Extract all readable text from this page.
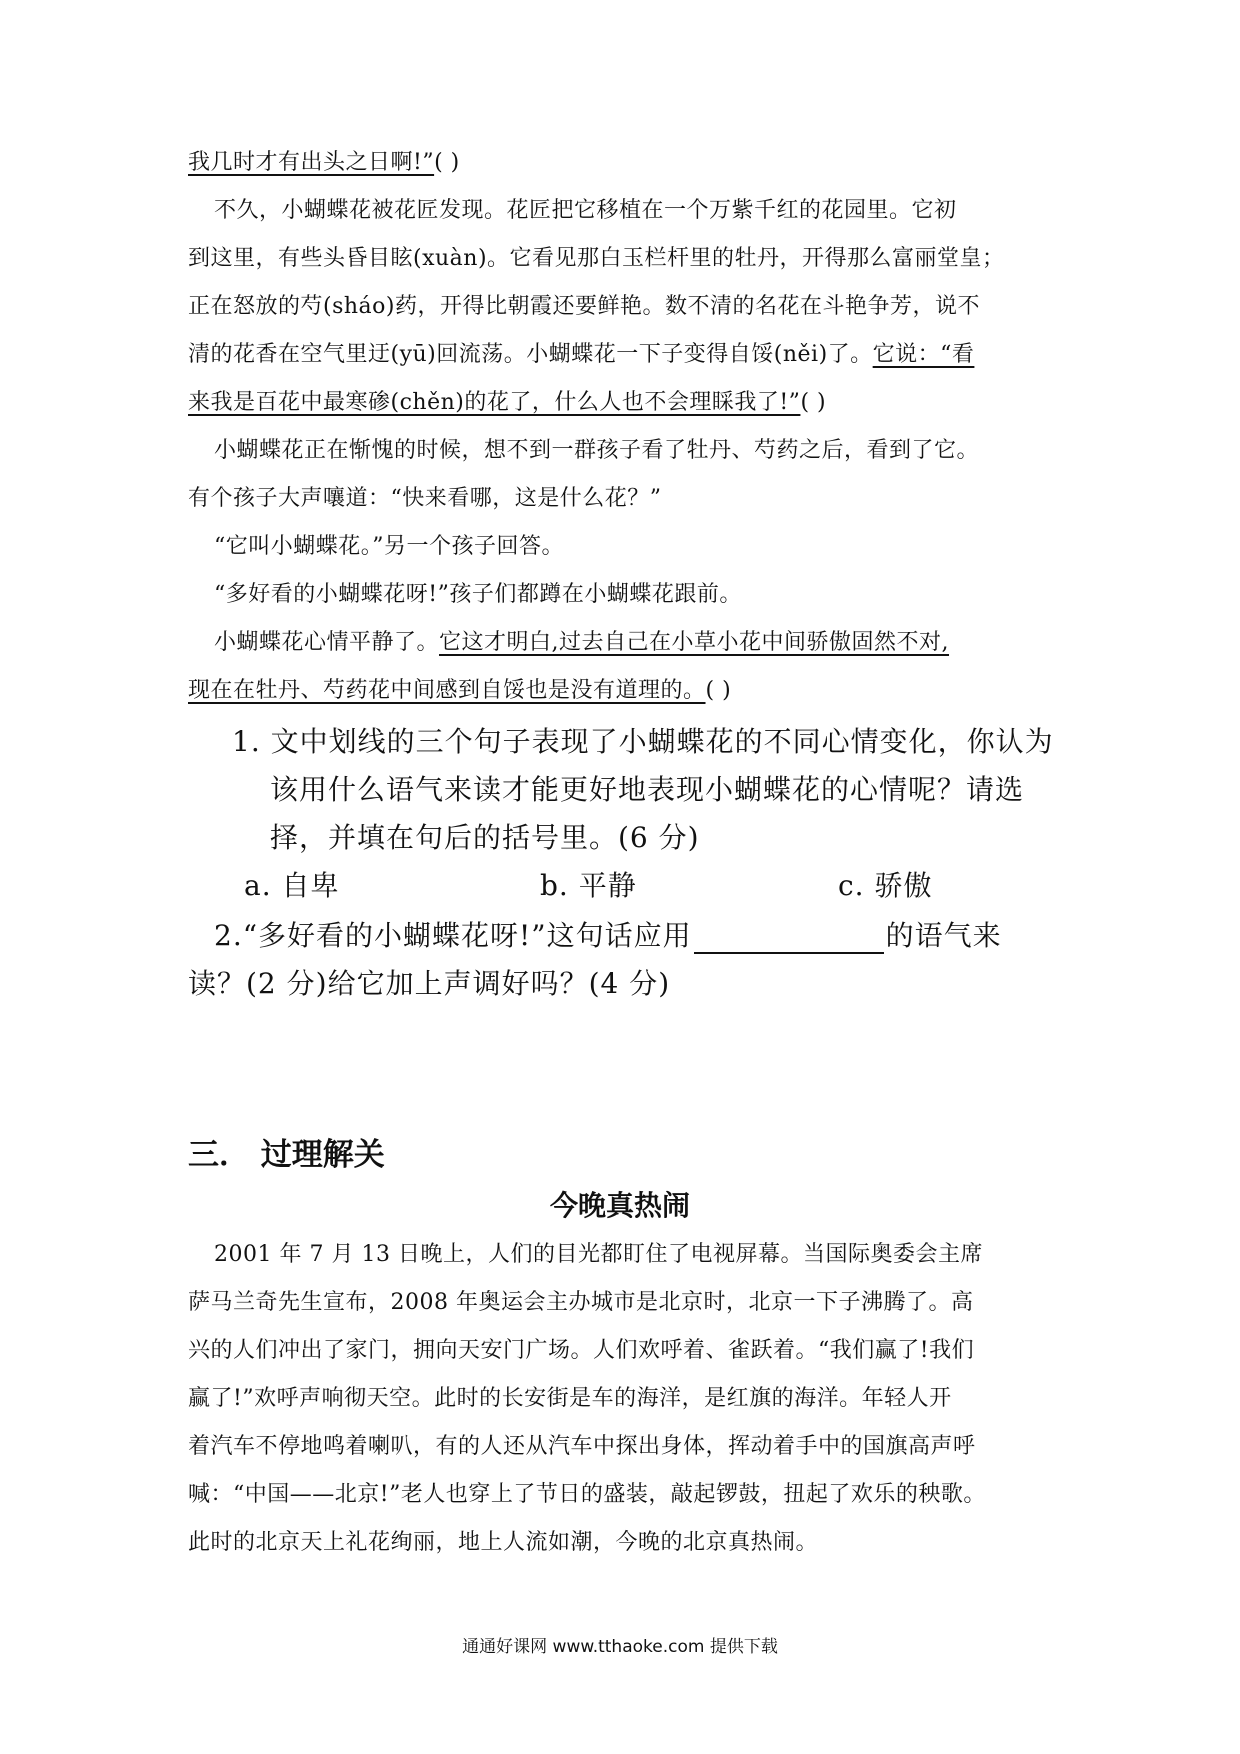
我几时才有出头之日啊!”( )
不久，小蝴蝶花被花匠发现。花匠把它移植在一个万紫千红的花园里。它初
到这里，有些头昏目眩(xuàn)。它看见那白玉栏杆里的牡丹，开得那么富丽堂皇；
正在怒放的芍(sháo)药，开得比朝霞还要鲜艳。数不清的名花在斗艳争芳，说不
清的花香在空气里迂(yū)回流荡。小蝴蝶花一下子变得自馁(něi)了。它说：“看
来我是百花中最寒碜(chěn)的花了，什么人也不会理睬我了!”( )
小蝴蝶花正在惭愧的时候，想不到一群孩子看了牡丹、芍药之后，看到了它。
有个孩子大声嚷道：“快来看哪，这是什么花？”
“它叫小蝴蝶花。”另一个孩子回答。
“多好看的小蝴蝶花呀!”孩子们都蹲在小蝴蝶花跟前。
小蝴蝶花心情平静了。它这才明白,过去自己在小草小花中间骄傲固然不对,
现在在牡丹、芍药花中间感到自馁也是没有道理的。( )
1. 文中划线的三个句子表现了小蝴蝶花的不同心情变化，你认为
该用什么语气来读才能更好地表现小蝴蝶花的心情呢？请选
择，并填在句后的括号里。(6 分)
a. 自卑	b. 平静	c. 骄傲
2.“多好看的小蝴蝶花呀!”这句话应用	的语气来
读？(2 分)给它加上声调好吗？(4 分)
三． 过理解关
今晚真热闹
2001 年 7 月 13 日晚上，人们的目光都盯住了电视屏幕。当国际奥委会主席
萨马兰奇先生宣布，2008 年奥运会主办城市是北京时，北京一下子沸腾了。高
兴的人们冲出了家门，拥向天安门广场。人们欢呼着、雀跃着。“我们赢了!我们
赢了!”欢呼声响彻天空。此时的长安街是车的海洋，是红旗的海洋。年轻人开
着汽车不停地鸣着喇叭，有的人还从汽车中探出身体，挥动着手中的国旗高声呼
喊：“中国——北京!”老人也穿上了节日的盛装，敲起锣鼓，扭起了欢乐的秧歌。
此时的北京天上礼花绚丽，地上人流如潮，今晚的北京真热闹。
通通好课网 www.tthaoke.com 提供下载
